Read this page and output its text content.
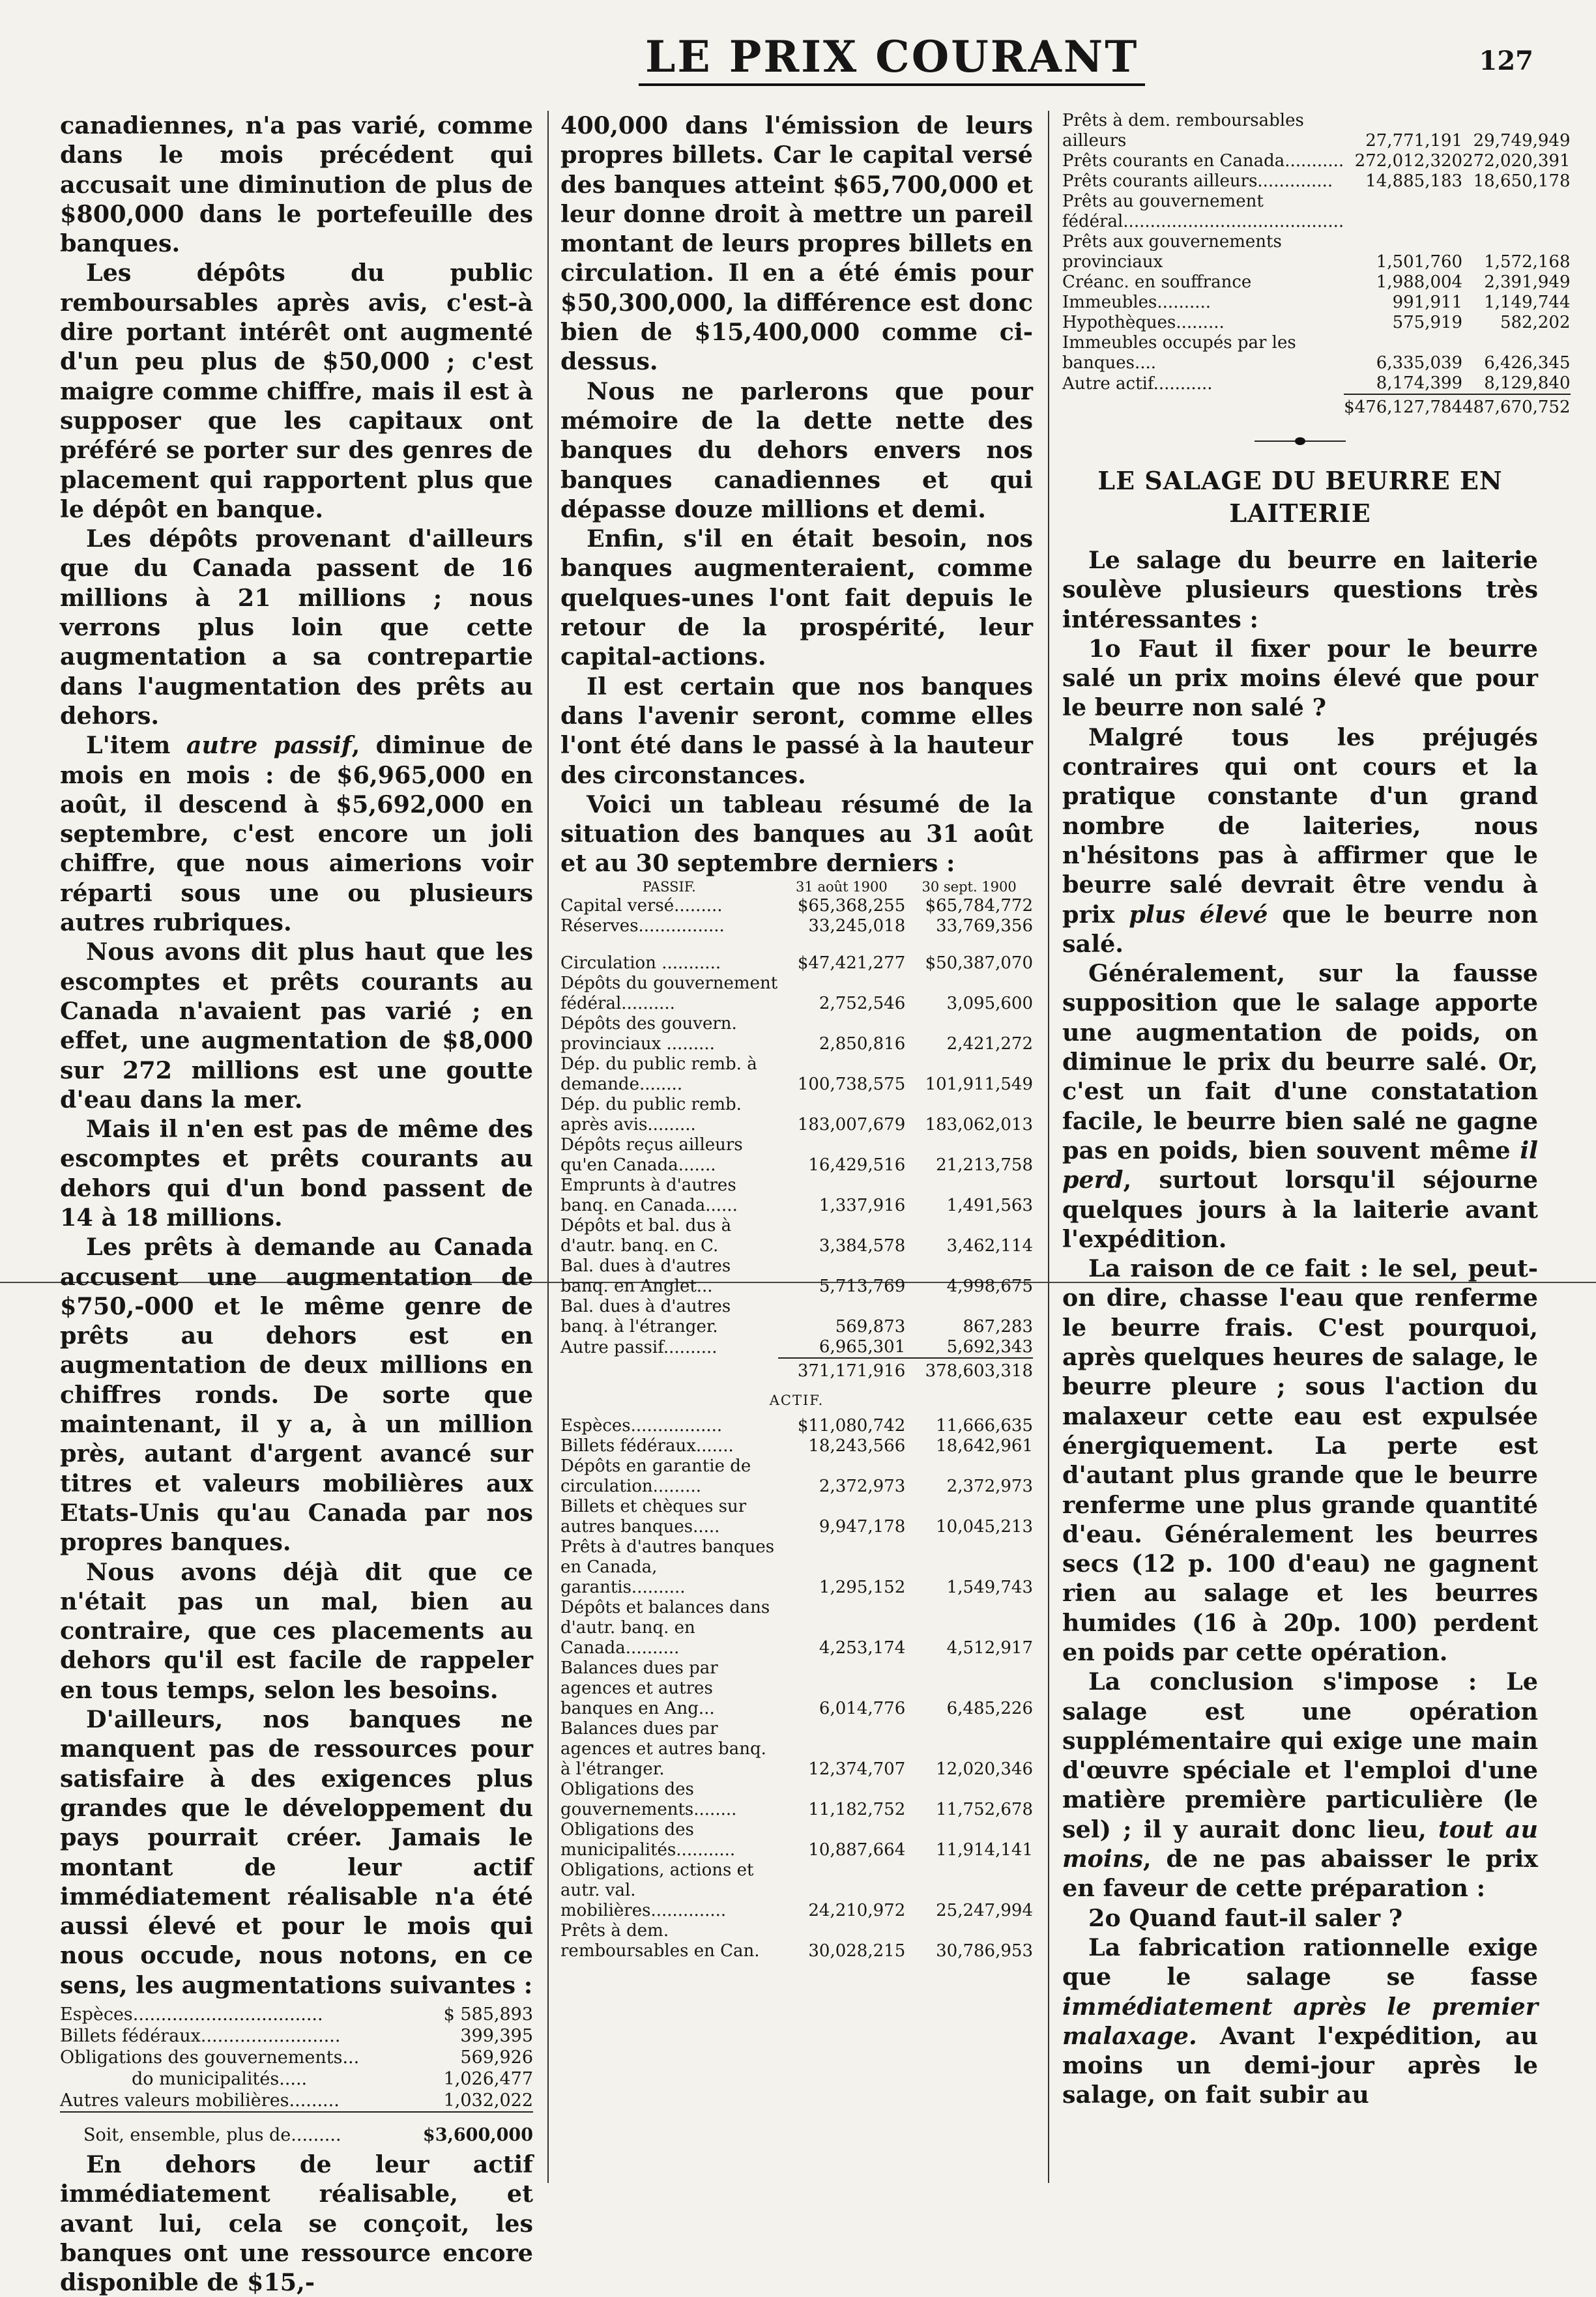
LE PRIX COURANT	127

canadiennes, n'a pas varié, comme dans le mois précédent qui accusait une diminution de plus de $800,000 dans le portefeuille des banques.

Les dépôts du public remboursables après avis, c'est-à dire portant intérêt ont augmenté d'un peu plus de $50,000 ; c'est maigre comme chiffre, mais il est à supposer que les capitaux ont préféré se porter sur des genres de placement qui rapportent plus que le dépôt en banque.

Les dépôts provenant d'ailleurs que du Canada passent de 16 millions à 21 millions ; nous verrons plus loin que cette augmentation a sa contrepartie dans l'augmentation des prêts au dehors.

L'item autre passif, diminue de mois en mois : de $6,965,000 en août, il descend à $5,692,000 en septembre, c'est encore un joli chiffre, que nous aimerions voir réparti sous une ou plusieurs autres rubriques.

Nous avons dit plus haut que les escomptes et prêts courants au Canada n'avaient pas varié ; en effet, une augmentation de $8,000 sur 272 millions est une goutte d'eau dans la mer.

Mais il n'en est pas de même des escomptes et prêts courants au dehors qui d'un bond passent de 14 à 18 millions.

Les prêts à demande au Canada accusent une augmentation de $750,-000 et le même genre de prêts au dehors est en augmentation de deux millions en chiffres ronds. De sorte que maintenant, il y a, à un million près, autant d'argent avancé sur titres et valeurs mobilières aux Etats-Unis qu'au Canada par nos propres banques.

Nous avons déjà dit que ce n'était pas un mal, bien au contraire, que ces placements au dehors qu'il est facile de rappeler en tous temps, selon les besoins.

D'ailleurs, nos banques ne manquent pas de ressources pour satisfaire à des exigences plus grandes que le développement du pays pourrait créer. Jamais le montant de leur actif immédiatement réalisable n'a été aussi élevé et pour le mois qui nous occude, nous notons, en ce sens, les augmentations suivantes :

Espèces..................................	$ 585,893
Billets fédéraux.........................	399,395
Obligations des gouvernements...	569,926
do municipalités.....	1,026,477
Autres valeurs mobilières.........	1,032,022
Soit, ensemble, plus de.........	$3,600,000

En dehors de leur actif immédiatement réalisable, et avant lui, cela se conçoit, les banques ont une ressource encore disponible de $15,-

400,000 dans l'émission de leurs propres billets. Car le capital versé des banques atteint $65,700,000 et leur donne droit à mettre un pareil montant de leurs propres billets en circulation. Il en a été émis pour $50,300,000, la différence est donc bien de $15,400,000 comme ci-dessus.

Nous ne parlerons que pour mémoire de la dette nette des banques du dehors envers nos banques canadiennes et qui dépasse douze millions et demi.

Enfin, s'il en était besoin, nos banques augmenteraient, comme quelques-unes l'ont fait depuis le retour de la prospérité, leur capital-actions.

Il est certain que nos banques dans l'avenir seront, comme elles l'ont été dans le passé à la hauteur des circonstances.

Voici un tableau résumé de la situation des banques au 31 août et au 30 septembre derniers :

PASSIF.	31 août 1900	30 sept. 1900
Capital versé.........	$65,368,255	$65,784,772
Réserves................	33,245,018	33,769,356
Circulation ...........	$47,421,277	$50,387,070
Dépôts du gouvernement fédéral..........	2,752,546	3,095,600
Dépôts des gouvern. provinciaux .........	2,850,816	2,421,272
Dép. du public remb. à demande........	100,738,575	101,911,549
Dép. du public remb. après avis.........	183,007,679	183,062,013
Dépôts reçus ailleurs qu'en Canada.......	16,429,516	21,213,758
Emprunts à d'autres banq. en Canada......	1,337,916	1,491,563
Dépôts et bal. dus à d'autr. banq. en C.	3,384,578	3,462,114
Bal. dues à d'autres banq. en Anglet...	5,713,769	4,998,675
Bal. dues à d'autres banq. à l'étranger.	569,873	867,283
Autre passif..........	6,965,301	5,692,343
	371,171,916	378,603,318
ACTIF.		
Espèces.................	$11,080,742	11,666,635
Billets fédéraux.......	18,243,566	18,642,961
Dépôts en garantie de circulation.........	2,372,973	2,372,973
Billets et chèques sur autres banques.....	9,947,178	10,045,213
Prêts à d'autres banques en Canada, garantis..........	1,295,152	1,549,743
Dépôts et balances dans d'autr. banq. en Canada..........	4,253,174	4,512,917
Balances dues par agences et autres banques en Ang...	6,014,776	6,485,226
Balances dues par agences et autres banq. à l'étranger.	12,374,707	12,020,346
Obligations des gouvernements........	11,182,752	11,752,678
Obligations des municipalités...........	10,887,664	11,914,141
Obligations, actions et autr. val. mobilières..............	24,210,972	25,247,994
Prêts à dem. remboursables en Can.	30,028,215	30,786,953
Prêts à dem. remboursables ailleurs	27,771,191	29,749,949
Prêts courants en Canada...........	272,012,320	272,020,391
Prêts courants ailleurs..............	14,885,183	18,650,178
Prêts au gouvernement fédéral.........................................		
Prêts aux gouvernements provinciaux	1,501,760	1,572,168
Créanc. en souffrance	1,988,004	2,391,949
Immeubles..........	991,911	1,149,744
Hypothèques.........	575,919	582,202
Immeubles occupés par les banques....	6,335,039	6,426,345
Autre actif...........	8,174,399	8,129,840
	$476,127,784	487,670,752
LE SALAGE DU BEURRE EN LAITERIE

Le salage du beurre en laiterie soulève plusieurs questions très intéressantes :

1o Faut il fixer pour le beurre salé un prix moins élevé que pour le beurre non salé ?

Malgré tous les préjugés contraires qui ont cours et la pratique constante d'un grand nombre de laiteries, nous n'hésitons pas à affirmer que le beurre salé devrait être vendu à prix plus élevé que le beurre non salé.

Généralement, sur la fausse supposition que le salage apporte une augmentation de poids, on diminue le prix du beurre salé. Or, c'est un fait d'une constatation facile, le beurre bien salé ne gagne pas en poids, bien souvent même il perd, surtout lorsqu'il séjourne quelques jours à la laiterie avant l'expédition.

La raison de ce fait : le sel, peut-on dire, chasse l'eau que renferme le beurre frais. C'est pourquoi, après quelques heures de salage, le beurre pleure ; sous l'action du malaxeur cette eau est expulsée énergiquement. La perte est d'autant plus grande que le beurre renferme une plus grande quantité d'eau. Généralement les beurres secs (12 p. 100 d'eau) ne gagnent rien au salage et les beurres humides (16 à 20p. 100) perdent en poids par cette opération.

La conclusion s'impose : Le salage est une opération supplémentaire qui exige une main d'œuvre spéciale et l'emploi d'une matière première particulière (le sel) ; il y aurait donc lieu, tout au moins, de ne pas abaisser le prix en faveur de cette préparation :

2o Quand faut-il saler ?

La fabrication rationnelle exige que le salage se fasse immédiatement après le premier malaxage. Avant l'expédition, au moins un demi-jour après le salage, on fait subir au
